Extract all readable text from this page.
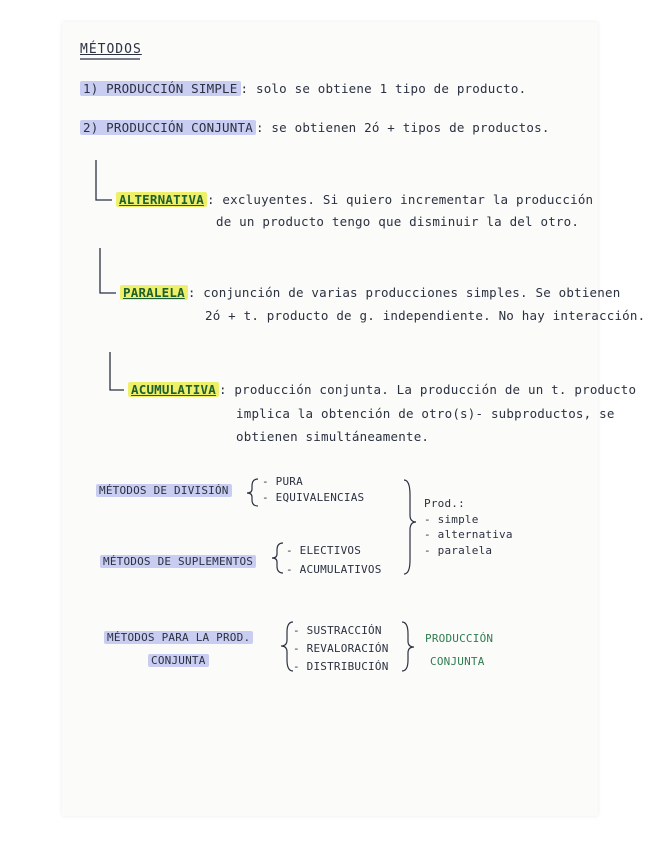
MÉTODOS
1) PRODUCCIÓN SIMPLE : solo se obtiene 1 tipo de producto.
2) PRODUCCIÓN CONJUNTA : se obtienen 2ó + tipos de productos.
ALTERNATIVA : excluyentes. Si quiero incrementar la producción
de un producto tengo que disminuir la del otro.
PARALELA : conjunción de varias producciones simples. Se obtienen
2ó + t. producto de g. independiente. No hay interacción.
ACUMULATIVA : producción conjunta. La producción de un t. producto
implica la obtención de otro(s)- subproductos, se
obtienen simultáneamente.
MÉTODOS DE DIVISIÓN
- PURA
- EQUIVALENCIAS	Prod.:
- simple
- alternativa
- paralela
MÉTODOS DE SUPLEMENTOS
- ELECTIVOS
- ACUMULATIVOS
MÉTODOS PARA LA PROD.
CONJUNTA
- SUSTRACCIÓN
- REVALORACIÓN
- DISTRIBUCIÓN
PRODUCCIÓN
CONJUNTA
